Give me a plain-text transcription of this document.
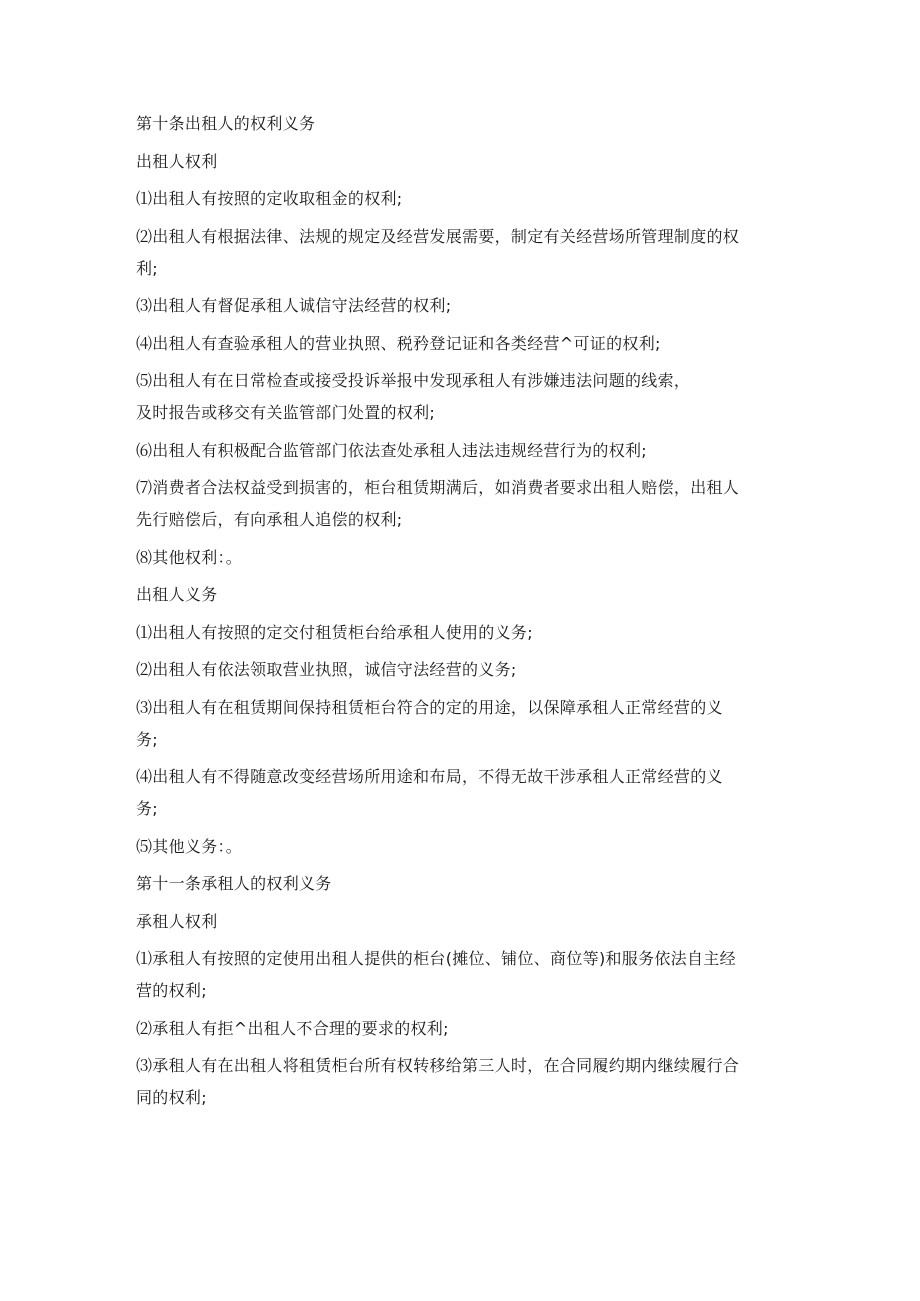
第十条出租人的权利义务
出租人权利
⑴出租人有按照的定收取租金的权利;
⑵出租人有根据法律、法规的规定及经营发展需要，制定有关经营场所管理制度的权
利;
⑶出租人有督促承租人诚信守法经营的权利;
⑷出租人有查验承租人的营业执照、税矜登记证和各类经营^可证的权利;
⑸出租人有在日常检查或接受投诉举报中发现承租人有涉嫌违法问题的线索，
及时报告或移交有关监管部门处置的权利;
⑹出租人有积极配合监管部门依法查处承租人违法违规经营行为的权利;
⑺消费者合法权益受到损害的，柜台租赁期满后，如消费者要求出租人赔偿，出租人
先行赔偿后，有向承租人追偿的权利;
⑻其他权利：。
出租人义务
⑴出租人有按照的定交付租赁柜台给承租人使用的义务;
⑵出租人有依法领取营业执照，诚信守法经营的义务;
⑶出租人有在租赁期间保持租赁柜台符合的定的用途，以保障承租人正常经营的义
务;
⑷出租人有不得随意改变经营场所用途和布局，不得无故干涉承租人正常经营的义
务;
⑸其他义务：。
第十一条承租人的权利义务
承租人权利
⑴承租人有按照的定使用出租人提供的柜台(摊位、铺位、商位等)和服务依法自主经
营的权利;
⑵承租人有拒^出租人不合理的要求的权利;
⑶承租人有在出租人将租赁柜台所有权转移给第三人时，在合同履约期内继续履行合
同的权利;
